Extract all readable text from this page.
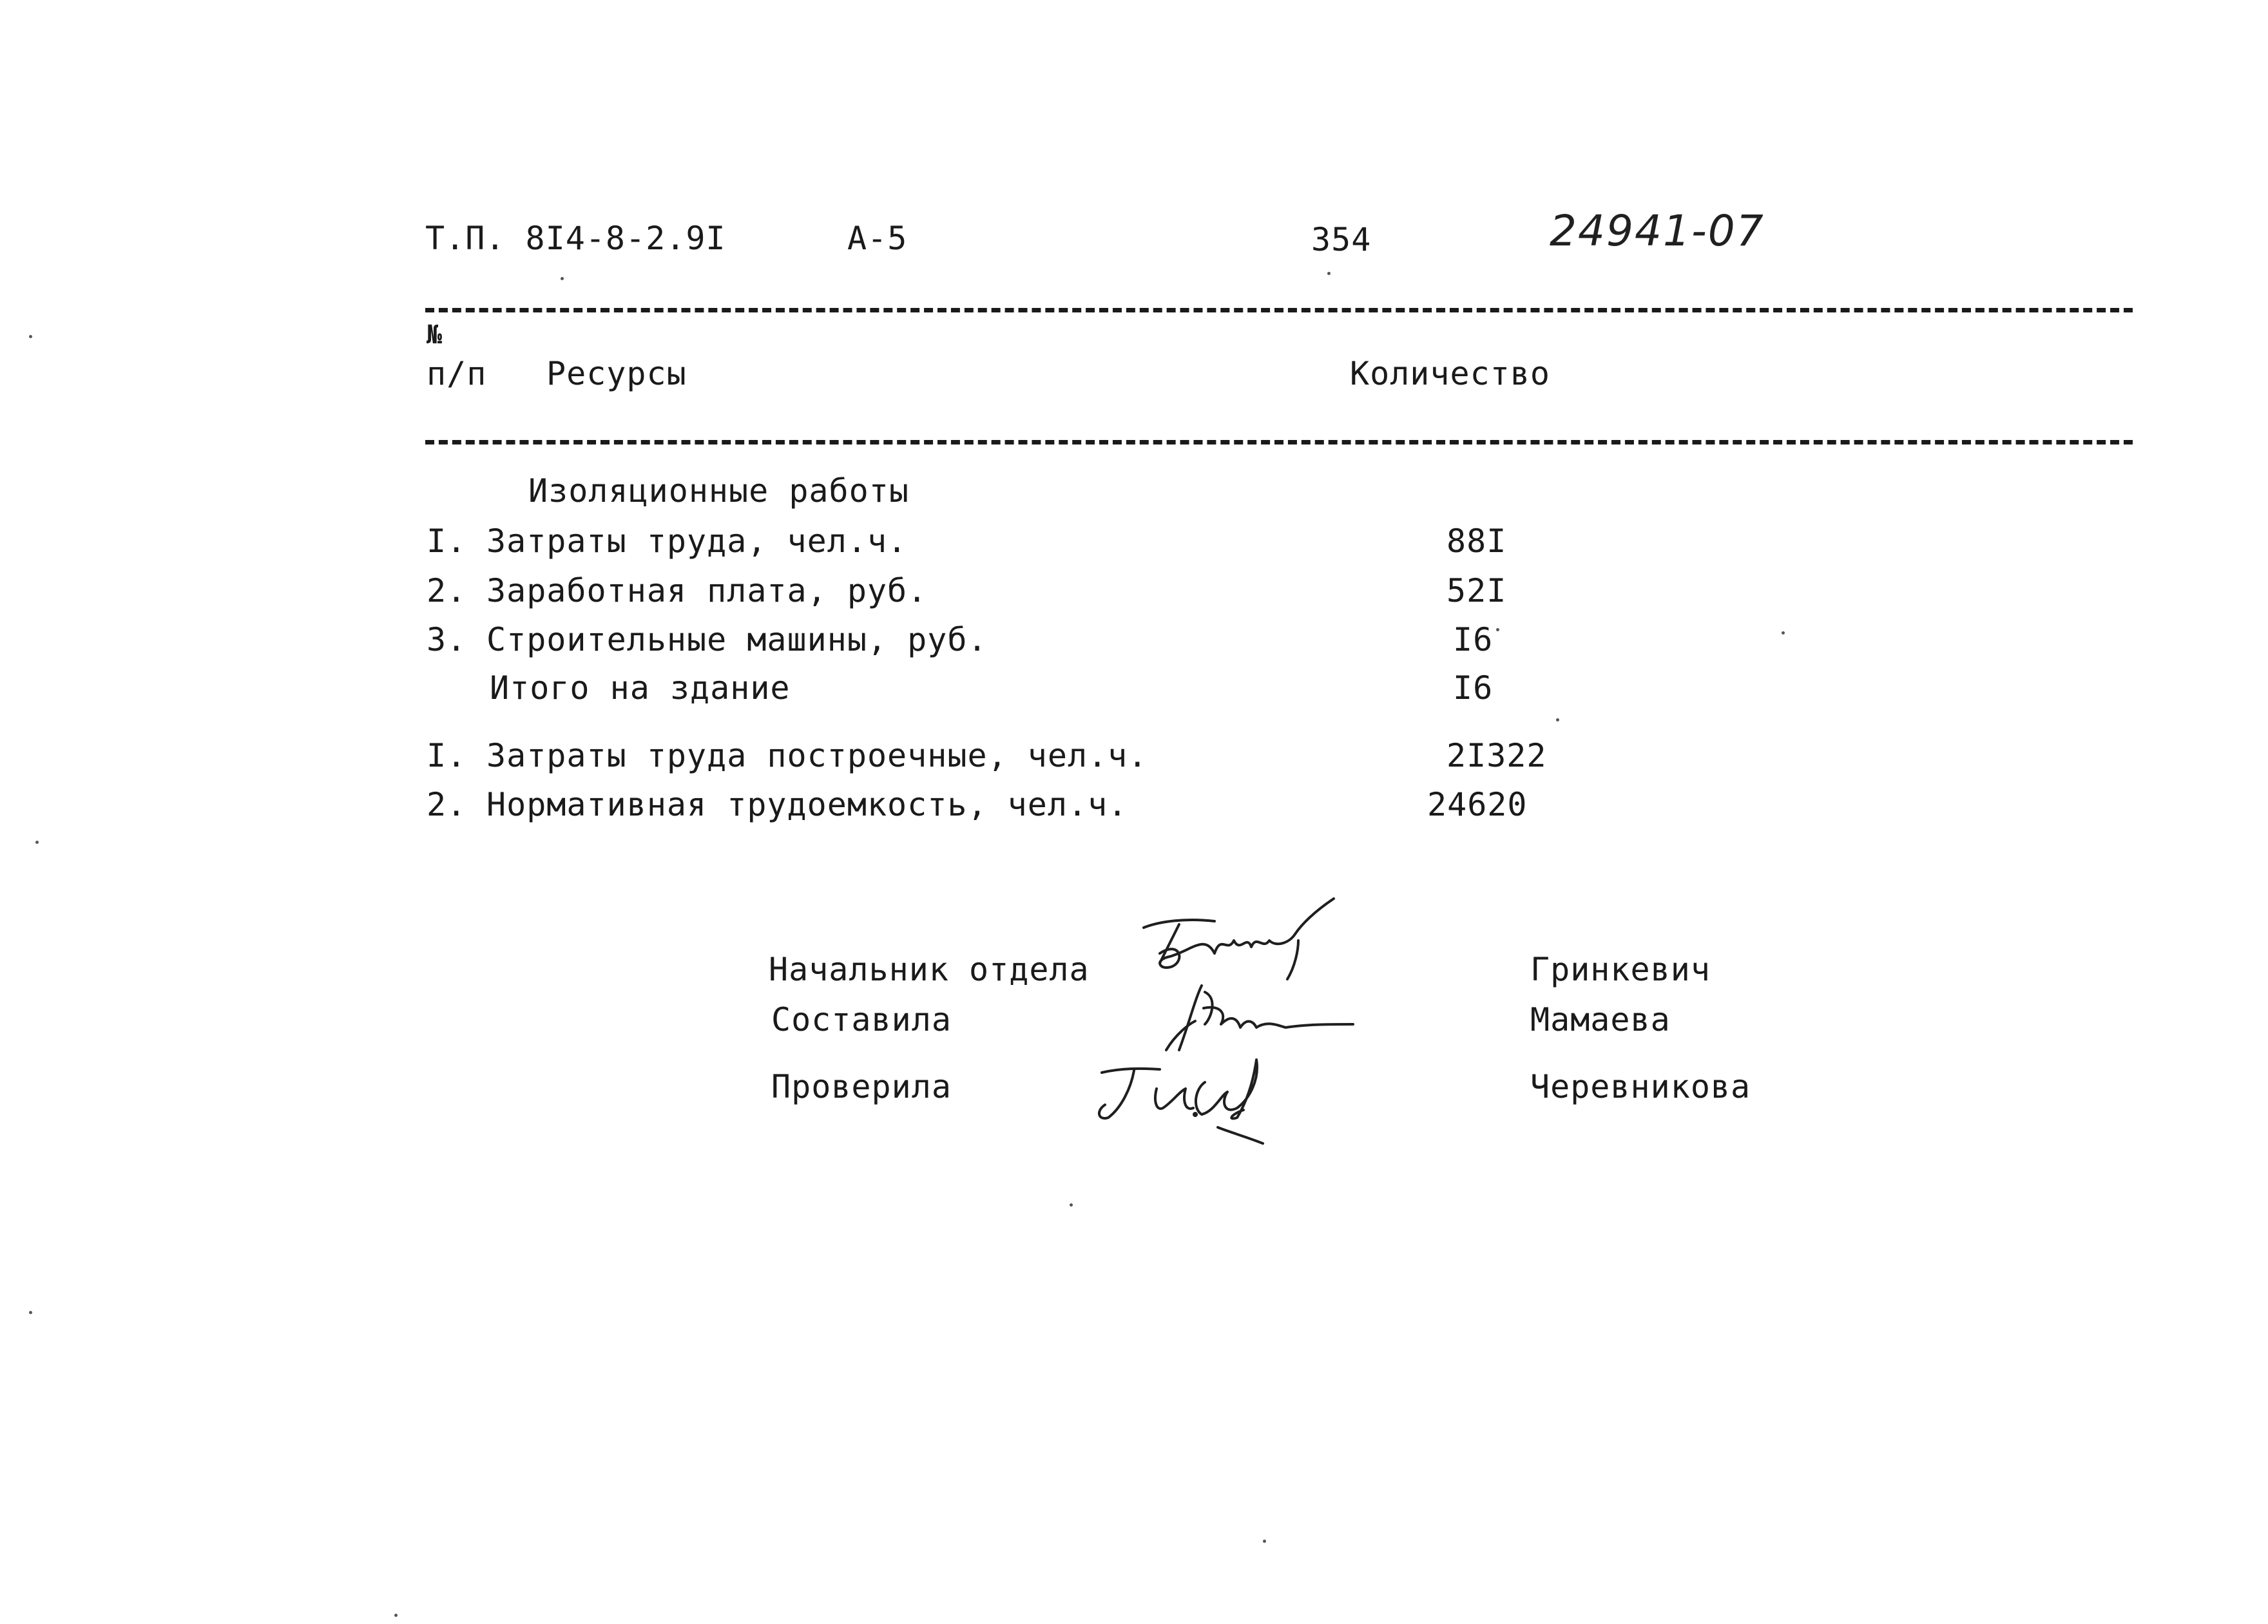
Т.П. 8I4-8-2.9I	А-5	354	24941-07
№
п/п Ресурсы	Количество
Изоляционные работы
I. Затраты труда, чел.ч.	88I
2. Заработная плата, руб.	52I
3. Строительные машины, руб.	I6
Итого на здание	I6
I. Затраты труда построечные, чел.ч.	2I322
2. Нормативная трудоемкость, чел.ч.	24620
Начальник отдела	Гринкевич
Составила	Мамаева
Проверила	Черевникова
